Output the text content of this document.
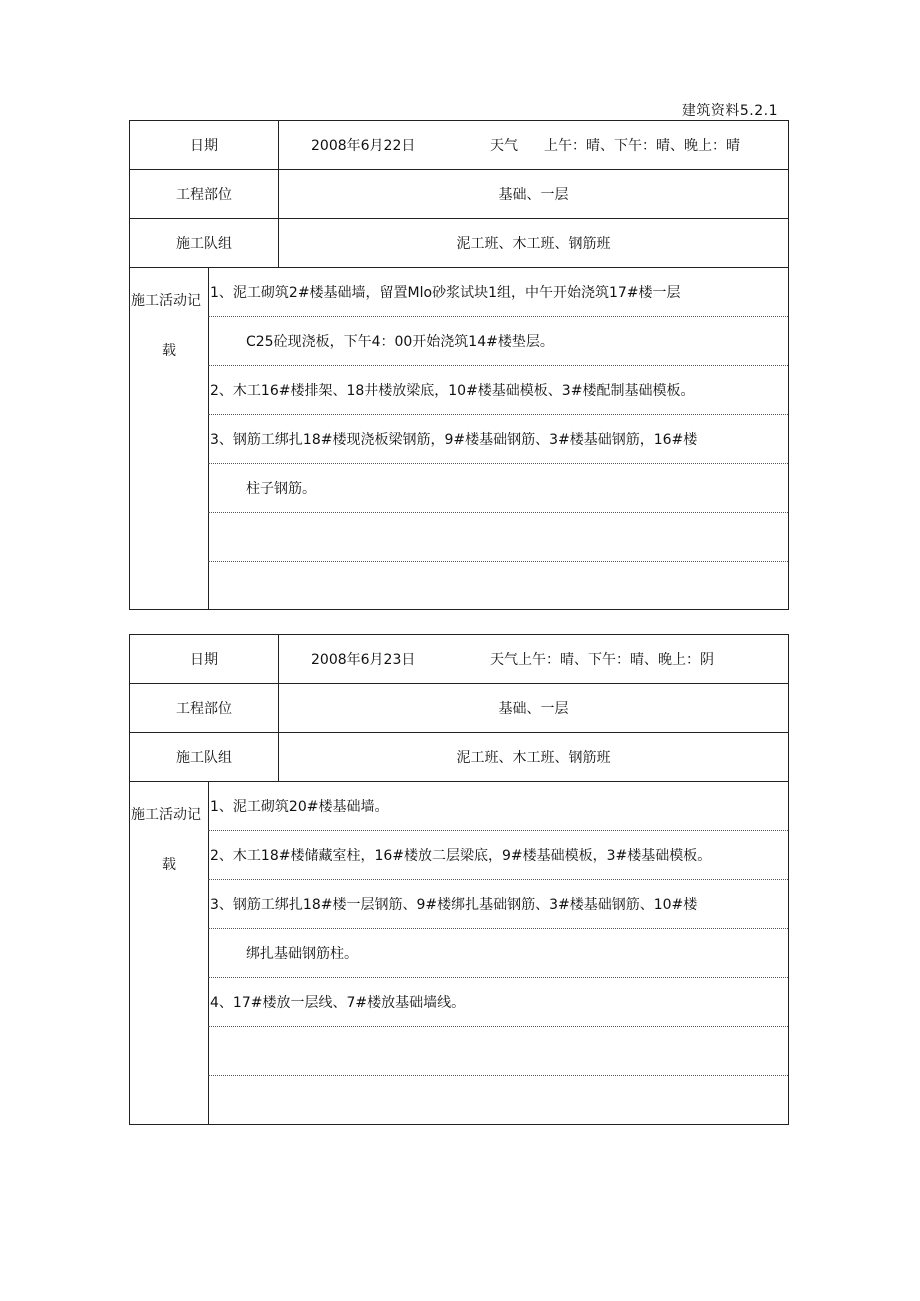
建筑资料5.2.1
日 期	2008年6月22日	天气 上午：晴、下午：晴、晚上：晴
工程部位	基础、一层
施工队组	泥工班、木工班、钢筋班
施工活动记
载
1、泥工砌筑2#楼基础墙，留置Mlo砂浆试块1组，中午开始浇筑17#楼一层
C25砼现浇板，下午4：00开始浇筑14#楼垫层。
2、木工16#楼排架、18井楼放梁底，10#楼基础模板、3#楼配制基础模板。
3、钢筋工绑扎18#楼现浇板梁钢筋，9#楼基础钢筋、3#楼基础钢筋，16#楼
柱子钢筋。
日 期	2008年6月23日	天气上午：晴、下午：晴、晚上：阴
工程部位	基础、一层
施工队组	泥工班、木工班、钢筋班
施工活动记
载
1、泥工砌筑20#楼基础墙。
2、木工18#楼储藏室柱，16#楼放二层梁底，9#楼基础模板，3#楼基础模板。
3、钢筋工绑扎18#楼一层钢筋、9#楼绑扎基础钢筋、3#楼基础钢筋、10#楼
绑扎基础钢筋柱。
4、17#楼放一层线、7#楼放基础墙线。
